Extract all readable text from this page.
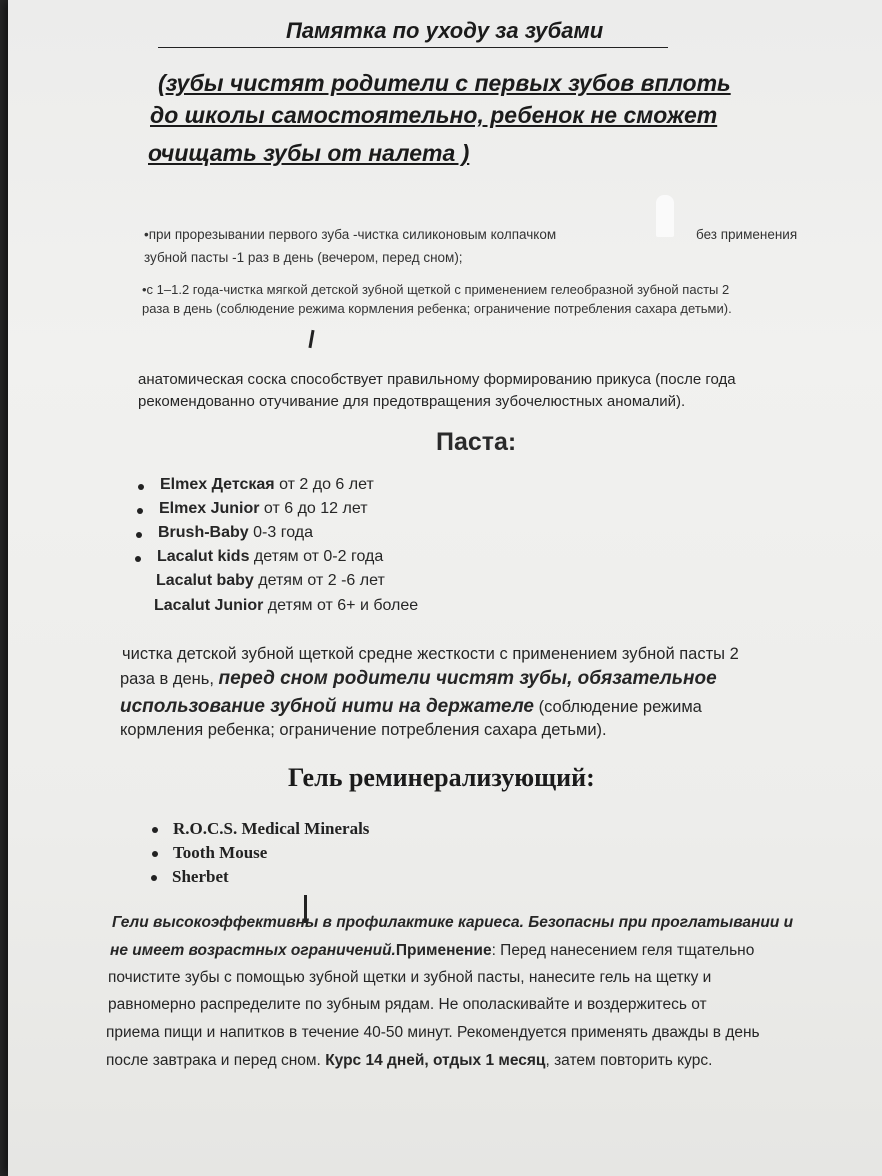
Памятка по уходу за зубами
(зубы чистят родители с первых зубов вплоть
до школы самостоятельно, ребенок не сможет
очищать зубы от налета )
•при прорезывании первого зуба -чистка силиконовым колпачком	без применения
зубной пасты -1 раз в день (вечером, перед сном);
•с 1–1.2 года-чистка мягкой детской зубной щеткой с применением гелеобразной зубной пасты 2
раза в день (соблюдение режима кормления ребенка; ограничение потребления сахара детьми).
анатомическая соска способствует правильному формированию прикуса (после года
рекомендованно отучивание для предотвращения зубочелюстных аномалий).
Паста:
Elmex Детская от 2 до 6 лет
Elmex Junior от 6 до 12 лет
Brush-Baby 0-3 года
Lacalut kids детям от 0-2 года
Lacalut baby детям от 2 -6 лет
Lacalut Junior детям от 6+ и более
чистка детской зубной щеткой средне жесткости с применением зубной пасты 2
раза в день, перед сном родители чистят зубы, обязательное
использование зубной нити на держателе (соблюдение режима
кормления ребенка; ограничение потребления сахара детьми).
Гель реминерализующий:
R.O.C.S. Medical Minerals
Tooth Mouse
Sherbet
Гели высокоэффективны в профилактике кариеса. Безопасны при проглатывании и
не имеет возрастных ограничений.Применение: Перед нанесением геля тщательно
почистите зубы с помощью зубной щетки и зубной пасты, нанесите гель на щетку и
равномерно распределите по зубным рядам. Не ополаскивайте и воздержитесь от
приема пищи и напитков в течение 40-50 минут. Рекомендуется применять дважды в день
после завтрака и перед сном. Курс 14 дней, отдых 1 месяц, затем повторить курс.
